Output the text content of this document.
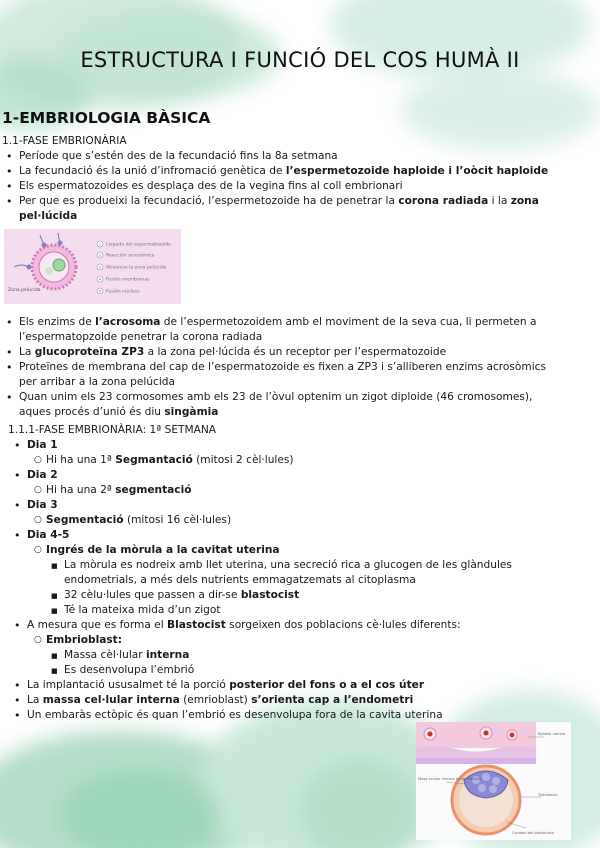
ESTRUCTURA I FUNCIÓ DEL COS HUMÀ II
1-EMBRIOLOGIA BÀSICA
1.1-FASE EMBRIONÀRIA
• Període que s’estén des de la fecundació fins la 8a setmana
• La fecundació és la unió d’infromació genètica de l’espermetozoide haploide i l’oòcit haploide
• Els espermatozoides es desplaça des de la vegina fins al coll embrionari
• Per que es produeixi la fecundació, l’espermetozoide ha de penetrar la corona radiada i la zona pel·lúcida
1
2
3
4
5
Llegada del espermatozoide
Reacción acrosómica
Atraviesa la zona pelúcida
Fusión membranas
Fusión núcleos
Zona pelúcida
• Els enzims de l’acrosoma de l’espermetozoidem amb el moviment de la seva cua, li permeten a l’espermatopzoide penetrar la corona radiada
• La glucoproteïna ZP3 a la zona pel·lúcida és un receptor per l’espermatozoide
• Proteïnes de membrana del cap de l’espermatozoide es fixen a ZP3 i s’alliberen enzims acrosòmics per arribar a la zona pelúcida
• Quan unim els 23 cormosomes amb els 23 de l’òvul optenim un zigot diploide (46 cromosomes), aques procés d’unió és diu singàmia
1.1.1-FASE EMBRIONÀRIA: 1ª SETMANA
• Dia 1
○ Hi ha una 1ª Segmantació (mitosi 2 cèl·lules)
• Dia 2
○ Hi ha una 2ª segmentació
• Dia 3
○ Segmentació (mitosi 16 cèl·lules)
• Dia 4-5
○ Ingrés de la mòrula a la cavitat uterina
■ La mòrula es nodreix amb llet uterina, una secreció rica a glucogen de les glàndules endometrials, a més dels nutrients emmagatzemats al citoplasma
■ 32 cèlu·lules que passen a dir-se blastocist
■ Té la mateixa mida d’un zigot
• A mesura que es forma el Blastocist sorgeixen dos poblacions cè·lules diferents:
○ Embrioblast:
■ Massa cèl·lular interna
■ Es desenvolupa l’embrió
• La implantació ususalmet té la porció posterior del fons o a el cos úter
• La massa cel·lular interna (emrioblast) s’orienta cap a l’endometri
• Un embaràs ectòpic és quan l’embrió es desenvolupa fora de la cavita uterina
Masa celular interna (embrioblasto)
Trofoblasto
Epitelio uterino
Cavidad del blastocisto
